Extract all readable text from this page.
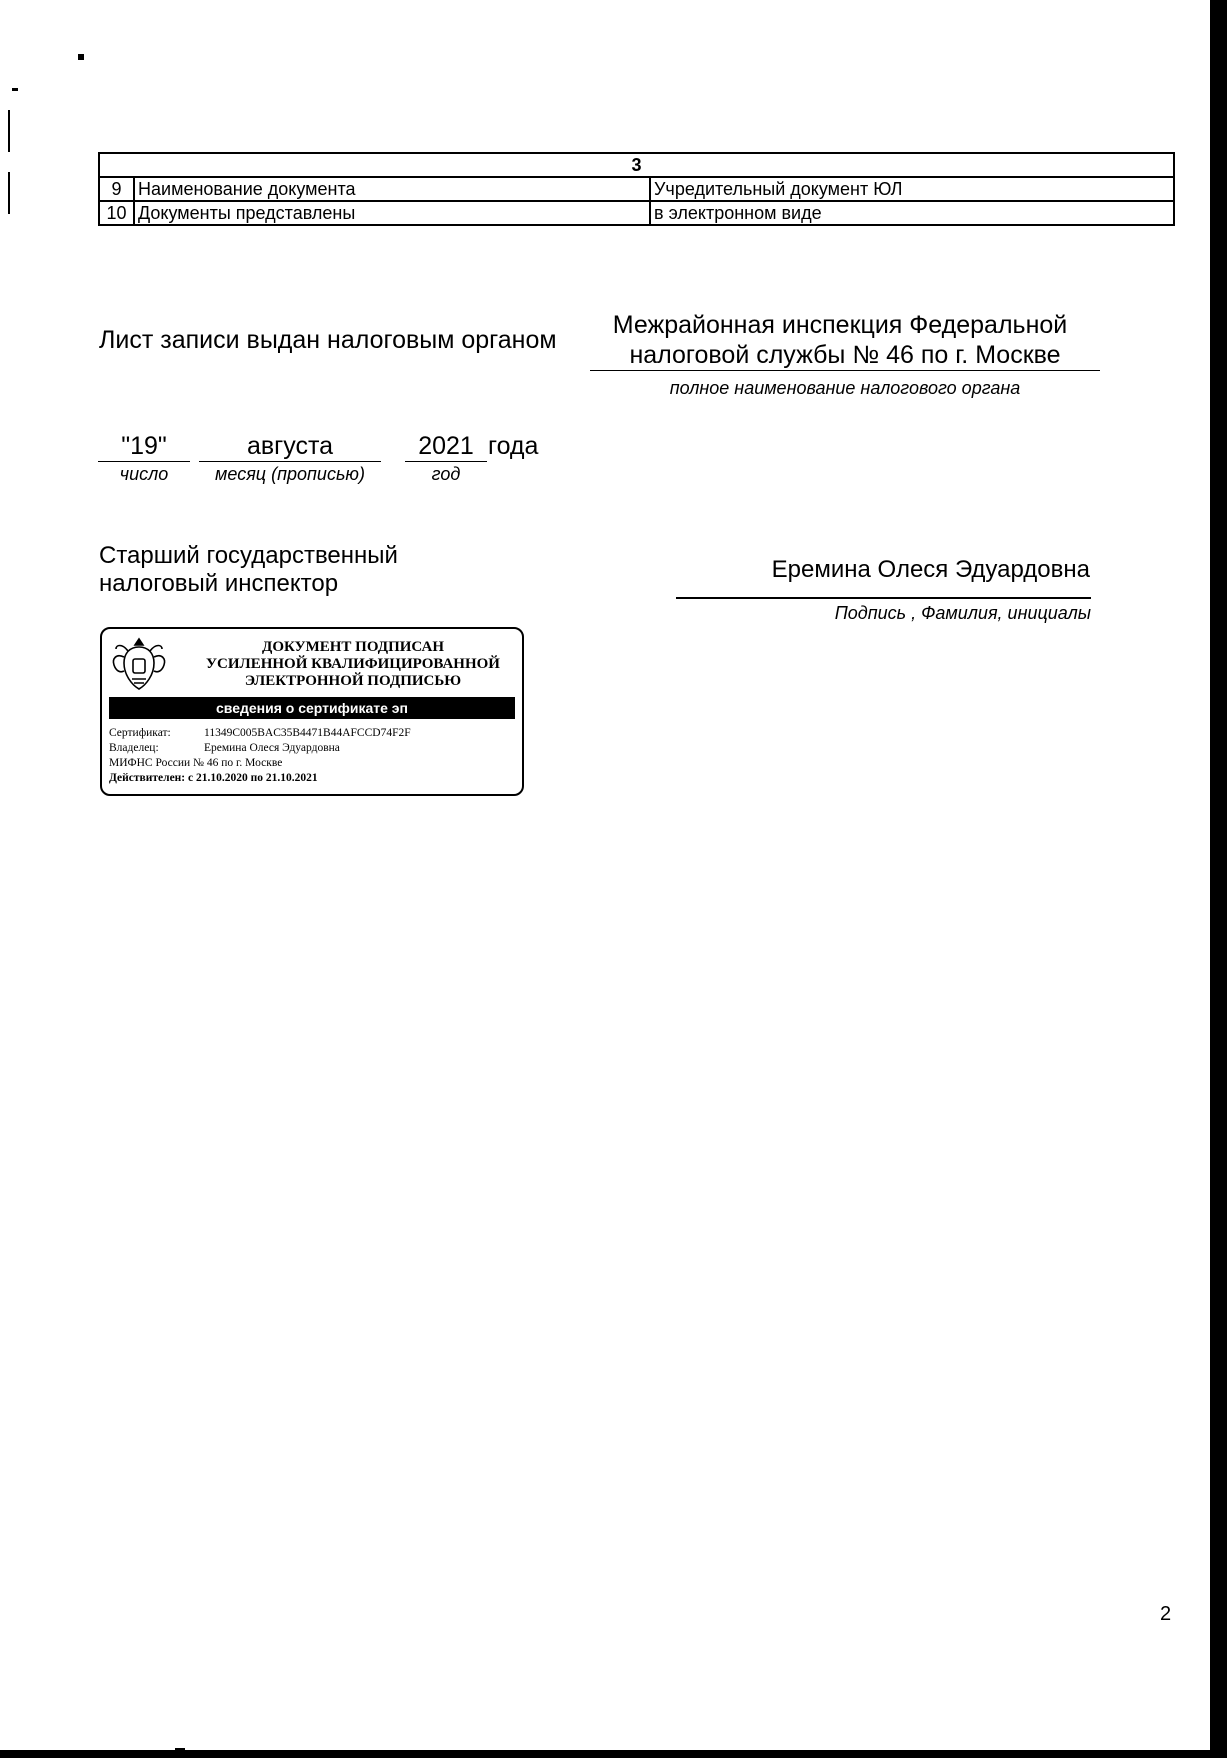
3		
9	Наименование документа	Учредительный документ ЮЛ
10	Документы представлены	в электронном виде
Лист записи выдан налоговым органом
Межрайонная инспекция Федеральной
налоговой службы № 46 по г. Москве
полное наименование налогового органа
"19"	августа	2021 года
число	месяц (прописью)	год
Старший государственный
налоговый инспектор
Еремина Олеся Эдуардовна
Подпись , Фамилия, инициалы
ДОКУМЕНТ ПОДПИСАН
УСИЛЕННОЙ КВАЛИФИЦИРОВАННОЙ
ЭЛЕКТРОННОЙ ПОДПИСЬЮ
сведения о сертификате эп
Сертификат:	11349C005BAC35B4471B44AFCCD74F2F
Владелец:	Еремина Олеся Эдуардовна
МИФНС России № 46 по г. Москве
Действителен: с 21.10.2020 по 21.10.2021
2
